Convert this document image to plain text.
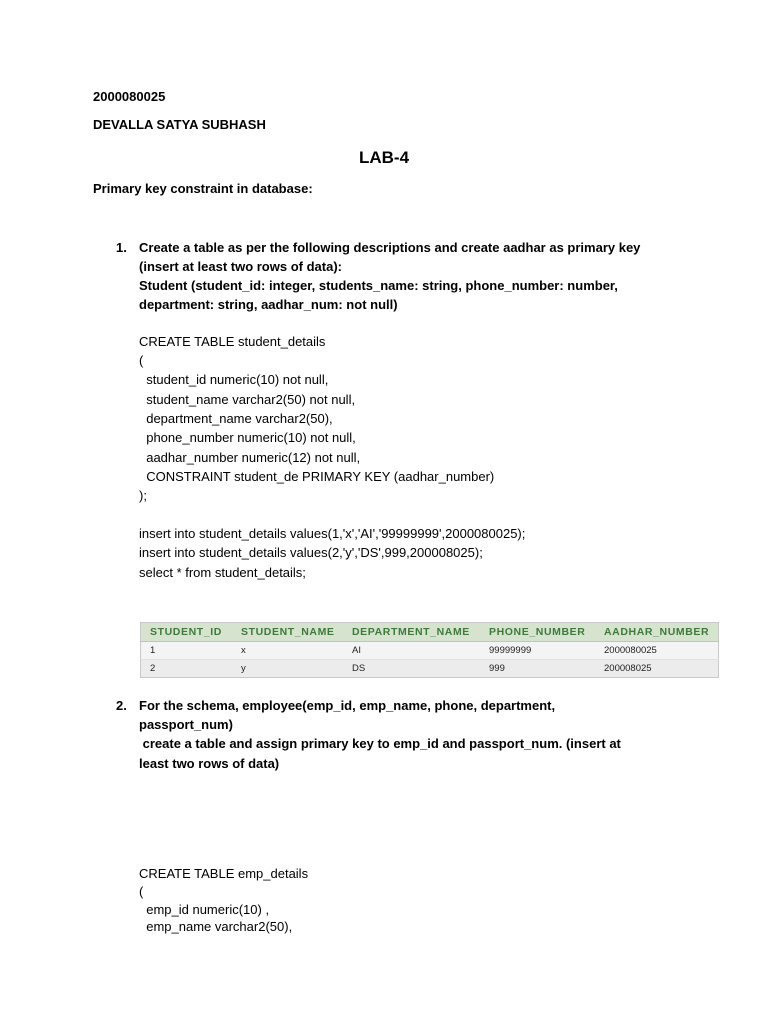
2000080025
DEVALLA SATYA SUBHASH
LAB-4
Primary key constraint in database:
1. Create a table as per the following descriptions and create aadhar as primary key
(insert at least two rows of data):
Student (student_id: integer, students_name: string, phone_number: number,
department: string, aadhar_num: not null)
CREATE TABLE student_details
(
student_id numeric(10) not null,
student_name varchar2(50) not null,
department_name varchar2(50),
phone_number numeric(10) not null,
aadhar_number numeric(12) not null,
CONSTRAINT student_de PRIMARY KEY (aadhar_number)
);
insert into student_details values(1,'x','AI','99999999',2000080025);
insert into student_details values(2,'y','DS',999,200008025);
select * from student_details;
STUDENT_ID	STUDENT_NAME	DEPARTMENT_NAME	PHONE_NUMBER	AADHAR_NUMBER
1	x	AI	99999999	2000080025
2	y	DS	999	200008025
2. For the schema, employee(emp_id, emp_name, phone, department,
passport_num)
create a table and assign primary key to emp_id and passport_num. (insert at
least two rows of data)
CREATE TABLE emp_details
(
emp_id numeric(10) ,
emp_name varchar2(50),
